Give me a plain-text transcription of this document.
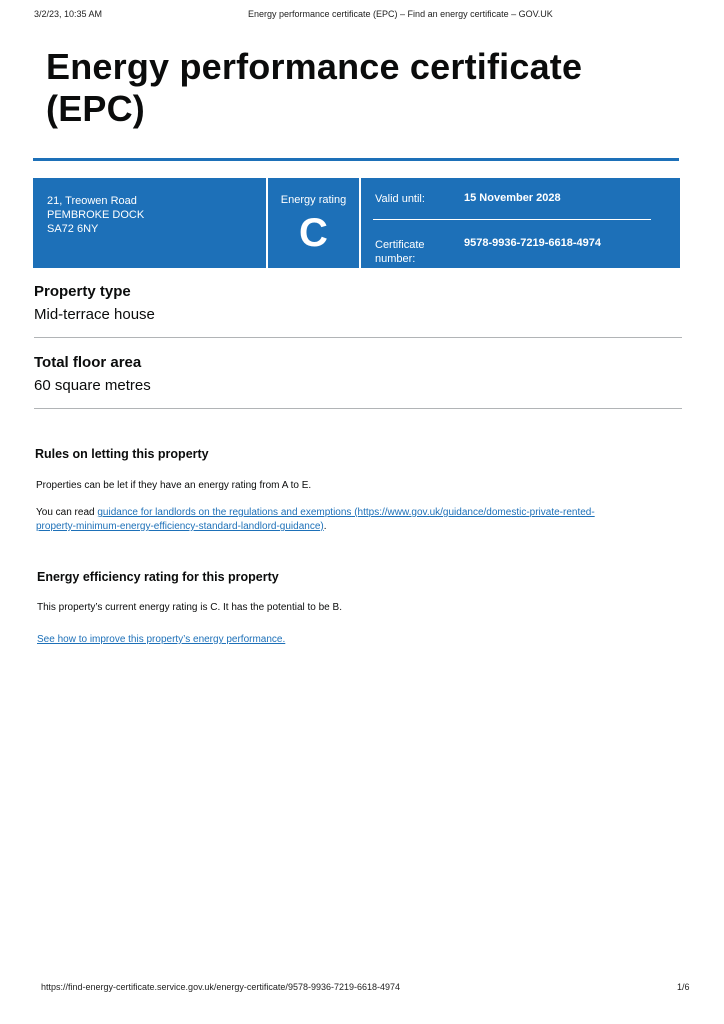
3/2/23, 10:35 AM	Energy performance certificate (EPC) – Find an energy certificate – GOV.UK
Energy performance certificate (EPC)
21, Treowen Road
PEMBROKE DOCK
SA72 6NY
Energy rating
C
Valid until:	15 November 2028
Certificate
number:
9578-9936-7219-6618-4974
Property type
Mid-terrace house
Total floor area
60 square metres
Rules on letting this property

Properties can be let if they have an energy rating from A to E.

You can read guidance for landlords on the regulations and exemptions (https://www.gov.uk/guidance/domestic-private-rented-
property-minimum-energy-efficiency-standard-landlord-guidance).

Energy efficiency rating for this property

This property’s current energy rating is C. It has the potential to be B.

See how to improve this property’s energy performance.

https://find-energy-certificate.service.gov.uk/energy-certificate/9578-9936-7219-6618-4974	1/6
